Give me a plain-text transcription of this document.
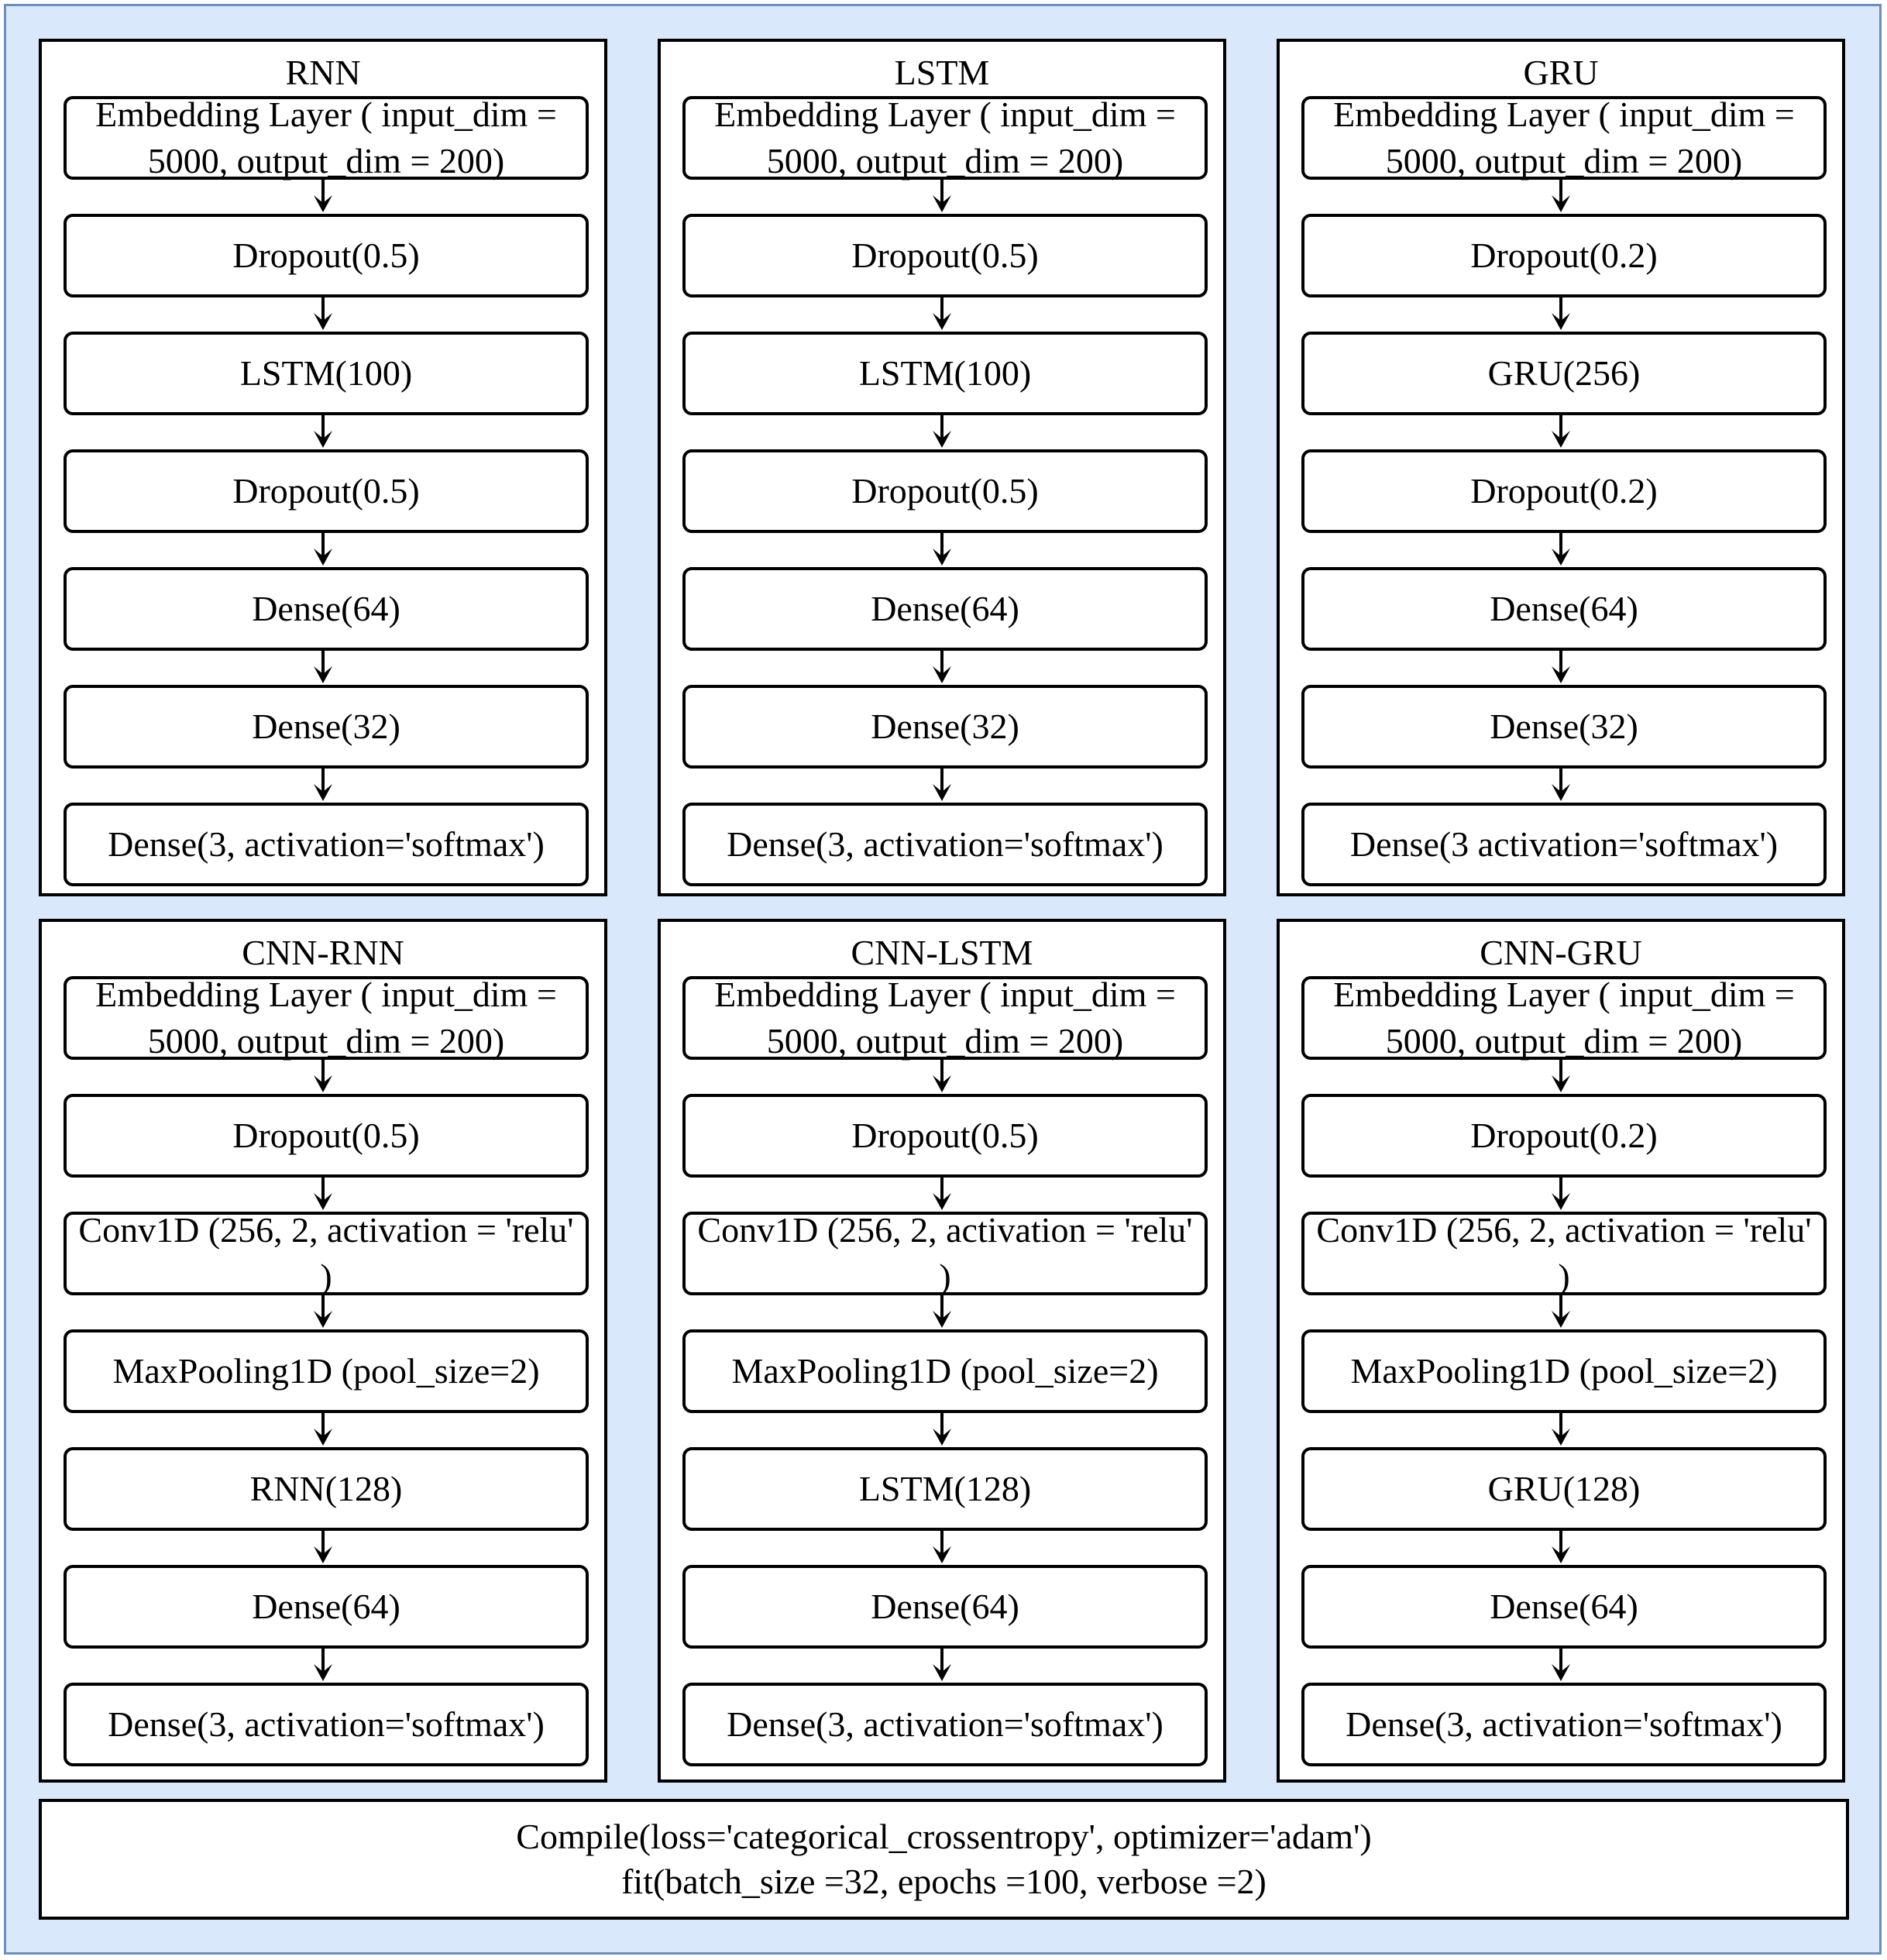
RNN
Embedding Layer ( input_dim = 5000, output_dim = 200)
Dropout(0.5)
LSTM(100)
Dropout(0.5)
Dense(64)
Dense(32)
Dense(3, activation='softmax')
LSTM
Embedding Layer ( input_dim = 5000, output_dim = 200)
Dropout(0.5)
LSTM(100)
Dropout(0.5)
Dense(64)
Dense(32)
Dense(3, activation='softmax')
GRU
Embedding Layer ( input_dim = 5000, output_dim = 200)
Dropout(0.2)
GRU(256)
Dropout(0.2)
Dense(64)
Dense(32)
Dense(3 activation='softmax')
CNN-RNN
Embedding Layer ( input_dim = 5000, output_dim = 200)
Dropout(0.5)
Conv1D (256, 2, activation = 'relu' )
MaxPooling1D (pool_size=2)
RNN(128)
Dense(64)
Dense(3, activation='softmax')
CNN-LSTM
Embedding Layer ( input_dim = 5000, output_dim = 200)
Dropout(0.5)
Conv1D (256, 2, activation = 'relu' )
MaxPooling1D (pool_size=2)
LSTM(128)
Dense(64)
Dense(3, activation='softmax')
CNN-GRU
Embedding Layer ( input_dim = 5000, output_dim = 200)
Dropout(0.2)
Conv1D (256, 2, activation = 'relu' )
MaxPooling1D (pool_size=2)
GRU(128)
Dense(64)
Dense(3, activation='softmax')
Compile(loss='categorical_crossentropy', optimizer='adam')
fit(batch_size =32, epochs =100, verbose =2)
